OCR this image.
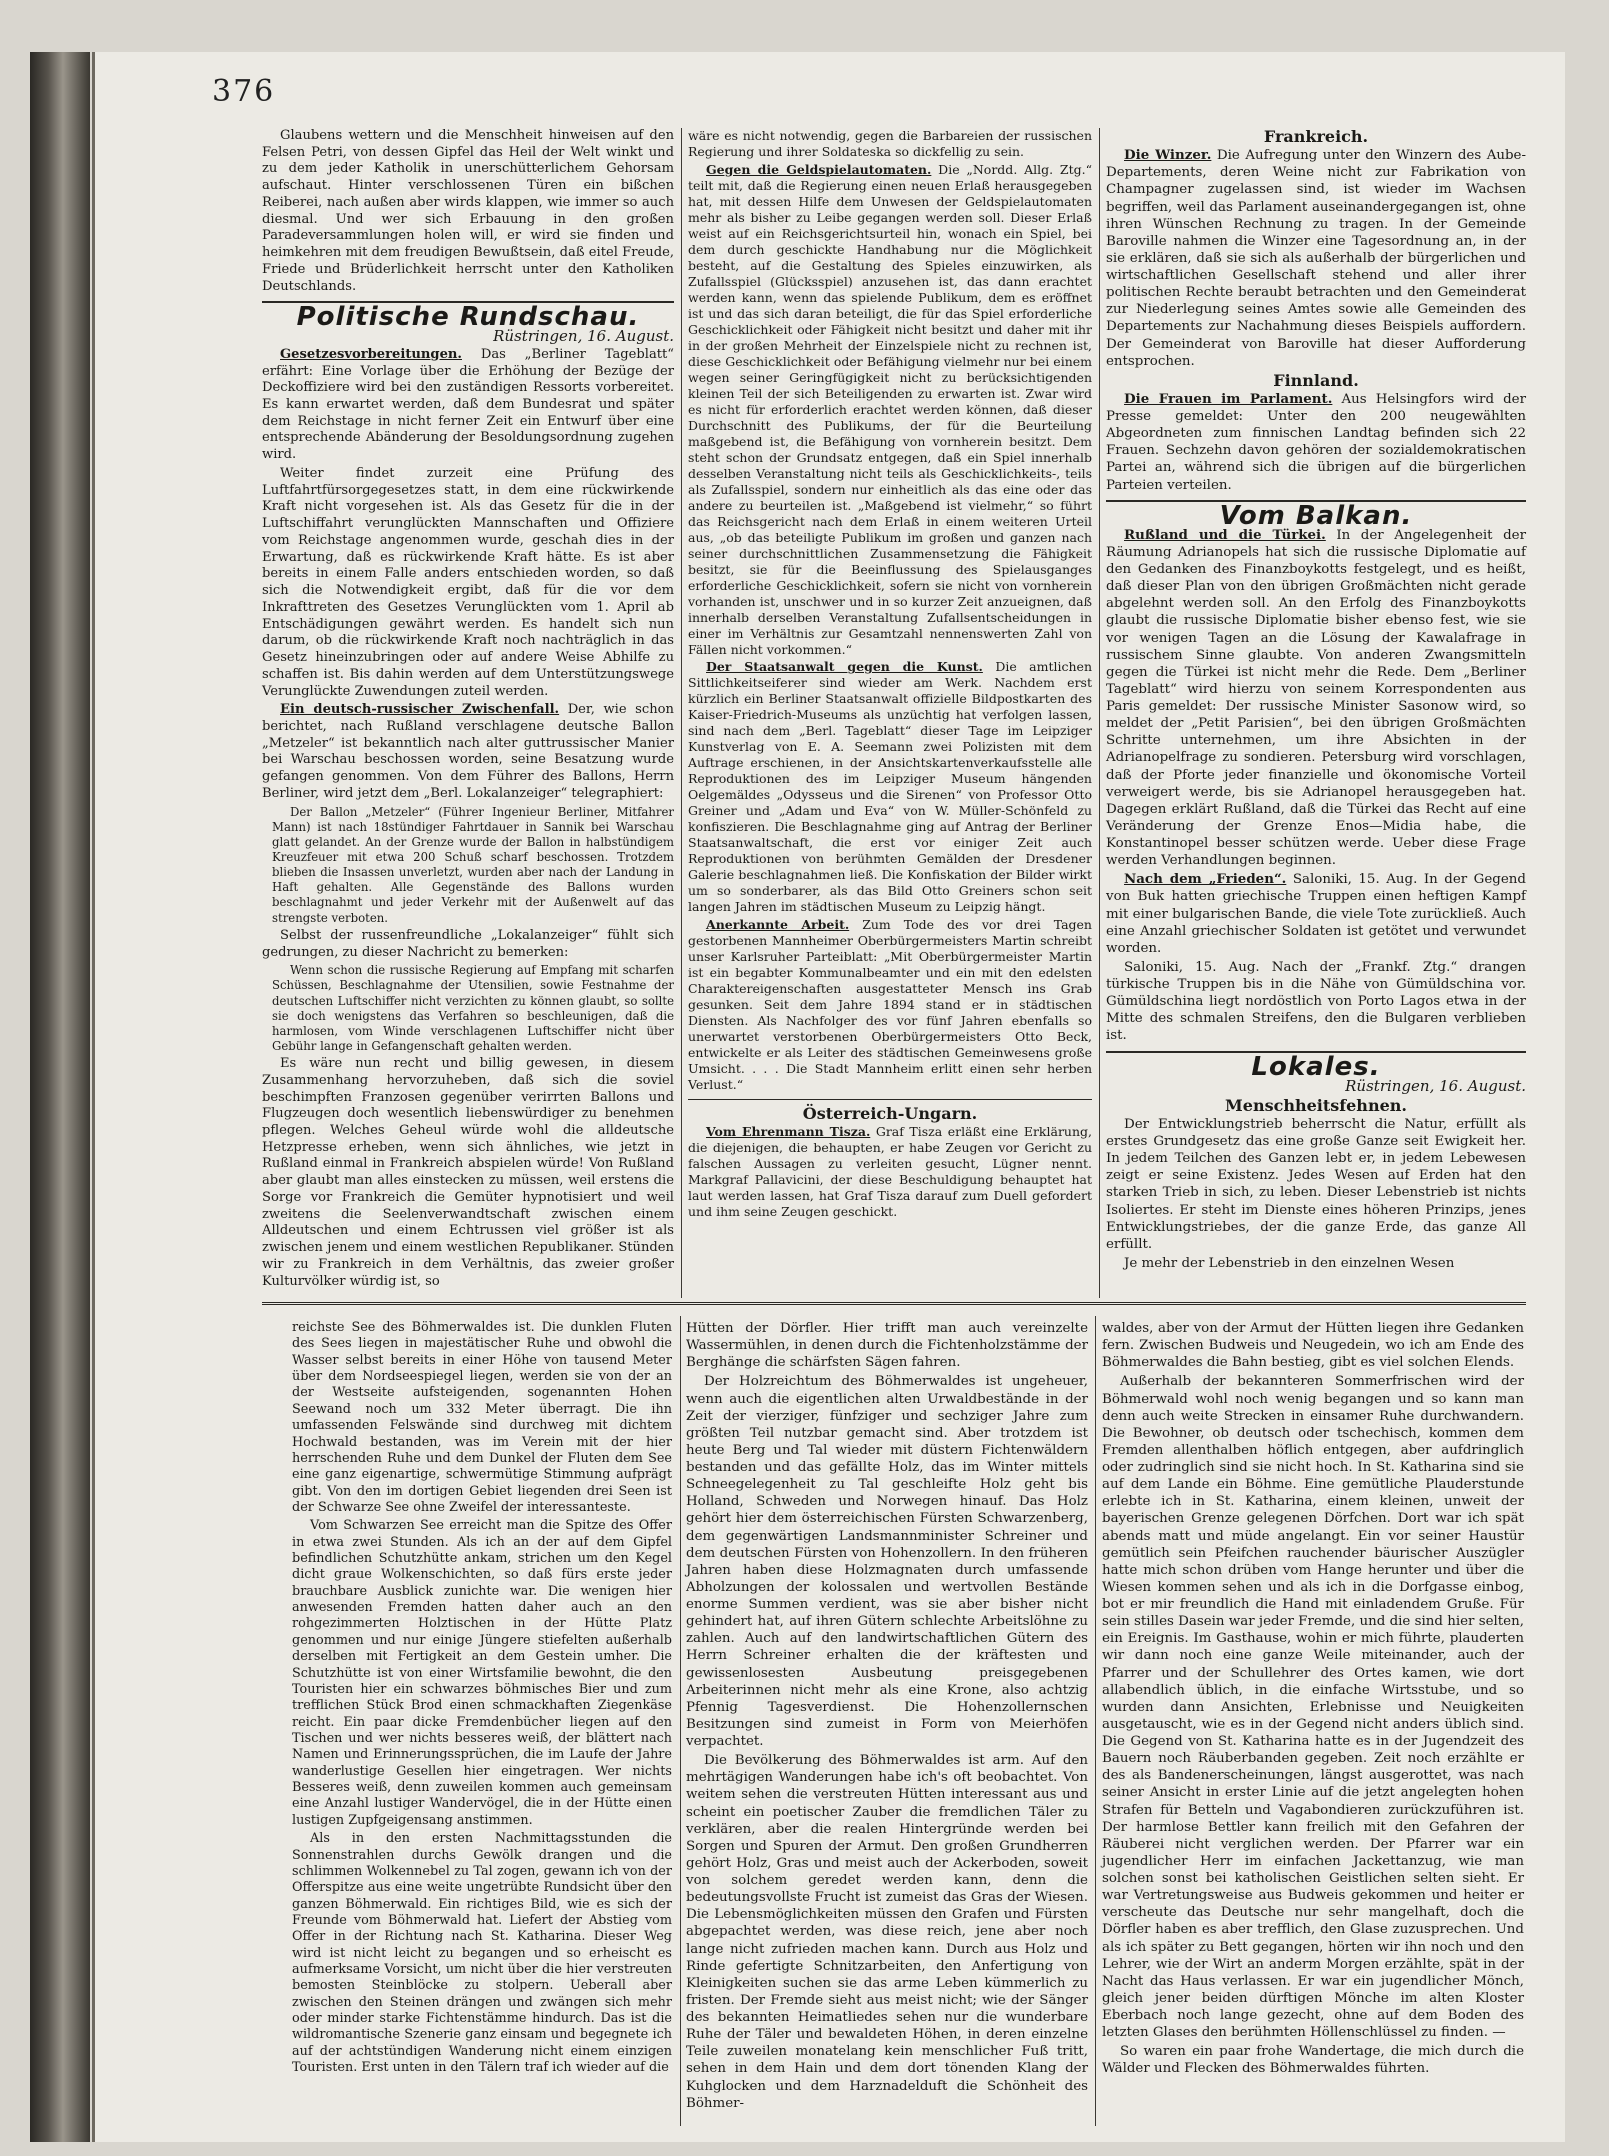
376

Glaubens wettern und die Menschheit hinweisen auf den Felsen Petri, von dessen Gipfel das Heil der Welt winkt und zu dem jeder Katholik in unerschütterlichem Gehorsam aufschaut. Hinter verschlossenen Türen ein bißchen Reiberei, nach außen aber wirds klappen, wie immer so auch diesmal. Und wer sich Erbauung in den großen Paradeversammlungen holen will, er wird sie finden und heimkehren mit dem freudigen Bewußtsein, daß eitel Freude, Friede und Brüderlichkeit herrscht unter den Katholiken Deutschlands.

Politische Rundschau.

Rüstringen, 16. August.

Gesetzesvorbereitungen. Das „Berliner Tageblatt“ erfährt: Eine Vorlage über die Erhöhung der Bezüge der Deckoffiziere wird bei den zuständigen Ressorts vorbereitet. Es kann erwartet werden, daß dem Bundesrat und später dem Reichstage in nicht ferner Zeit ein Entwurf über eine entsprechende Abänderung der Besoldungsordnung zugehen wird.

Weiter findet zurzeit eine Prüfung des Luftfahrtfürsorgegesetzes statt, in dem eine rückwirkende Kraft nicht vorgesehen ist. Als das Gesetz für die in der Luftschiffahrt verunglückten Mannschaften und Offiziere vom Reichstage angenommen wurde, geschah dies in der Erwartung, daß es rückwirkende Kraft hätte. Es ist aber bereits in einem Falle anders entschieden worden, so daß sich die Notwendigkeit ergibt, daß für die vor dem Inkrafttreten des Gesetzes Verunglückten vom 1. April ab Entschädigungen gewährt werden. Es handelt sich nun darum, ob die rückwirkende Kraft noch nachträglich in das Gesetz hineinzubringen oder auf andere Weise Abhilfe zu schaffen ist. Bis dahin werden auf dem Unterstützungswege Verunglückte Zuwendungen zuteil werden.

Ein deutsch-russischer Zwischenfall. Der, wie schon berichtet, nach Rußland verschlagene deutsche Ballon „Metzeler“ ist bekanntlich nach alter guttrussischer Manier bei Warschau beschossen worden, seine Besatzung wurde gefangen genommen. Von dem Führer des Ballons, Herrn Berliner, wird jetzt dem „Berl. Lokalanzeiger“ telegraphiert:

Der Ballon „Metzeler“ (Führer Ingenieur Berliner, Mitfahrer Mann) ist nach 18stündiger Fahrtdauer in Sannik bei Warschau glatt gelandet. An der Grenze wurde der Ballon in halbstündigem Kreuzfeuer mit etwa 200 Schuß scharf beschossen. Trotzdem blieben die Insassen unverletzt, wurden aber nach der Landung in Haft gehalten. Alle Gegenstände des Ballons wurden beschlagnahmt und jeder Verkehr mit der Außenwelt auf das strengste verboten.

Selbst der russenfreundliche „Lokalanzeiger“ fühlt sich gedrungen, zu dieser Nachricht zu bemerken:

Wenn schon die russische Regierung auf Empfang mit scharfen Schüssen, Beschlagnahme der Utensilien, sowie Festnahme der deutschen Luftschiffer nicht verzichten zu können glaubt, so sollte sie doch wenigstens das Verfahren so beschleunigen, daß die harmlosen, vom Winde verschlagenen Luftschiffer nicht über Gebühr lange in Gefangenschaft gehalten werden.

Es wäre nun recht und billig gewesen, in diesem Zusammenhang hervorzuheben, daß sich die soviel beschimpften Franzosen gegenüber verirrten Ballons und Flugzeugen doch wesentlich liebenswürdiger zu benehmen pflegen. Welches Geheul würde wohl die alldeutsche Hetzpresse erheben, wenn sich ähnliches, wie jetzt in Rußland einmal in Frankreich abspielen würde! Von Rußland aber glaubt man alles einstecken zu müssen, weil erstens die Sorge vor Frankreich die Gemüter hypnotisiert und weil zweitens die Seelenverwandtschaft zwischen einem Alldeutschen und einem Echtrussen viel größer ist als zwischen jenem und einem westlichen Republikaner. Stünden wir zu Frankreich in dem Verhältnis, das zweier großer Kulturvölker würdig ist, so

wäre es nicht notwendig, gegen die Barbareien der russischen Regierung und ihrer Soldateska so dickfellig zu sein.

Gegen die Geldspielautomaten. Die „Nordd. Allg. Ztg.“ teilt mit, daß die Regierung einen neuen Erlaß herausgegeben hat, mit dessen Hilfe dem Unwesen der Geldspielautomaten mehr als bisher zu Leibe gegangen werden soll. Dieser Erlaß weist auf ein Reichsgerichtsurteil hin, wonach ein Spiel, bei dem durch geschickte Handhabung nur die Möglichkeit besteht, auf die Gestaltung des Spieles einzuwirken, als Zufallsspiel (Glücksspiel) anzusehen ist, das dann erachtet werden kann, wenn das spielende Publikum, dem es eröffnet ist und das sich daran beteiligt, die für das Spiel erforderliche Geschicklichkeit oder Fähigkeit nicht besitzt und daher mit ihr in der großen Mehrheit der Einzelspiele nicht zu rechnen ist, diese Geschicklichkeit oder Befähigung vielmehr nur bei einem wegen seiner Geringfügigkeit nicht zu berücksichtigenden kleinen Teil der sich Beteiligenden zu erwarten ist. Zwar wird es nicht für erforderlich erachtet werden können, daß dieser Durchschnitt des Publikums, der für die Beurteilung maßgebend ist, die Befähigung von vornherein besitzt. Dem steht schon der Grundsatz entgegen, daß ein Spiel innerhalb desselben Veranstaltung nicht teils als Geschicklichkeits-, teils als Zufallsspiel, sondern nur einheitlich als das eine oder das andere zu beurteilen ist. „Maßgebend ist vielmehr,“ so führt das Reichsgericht nach dem Erlaß in einem weiteren Urteil aus, „ob das beteiligte Publikum im großen und ganzen nach seiner durchschnittlichen Zusammensetzung die Fähigkeit besitzt, sie für die Beeinflussung des Spielausganges erforderliche Geschicklichkeit, sofern sie nicht von vornherein vorhanden ist, unschwer und in so kurzer Zeit anzueignen, daß innerhalb derselben Veranstaltung Zufallsentscheidungen in einer im Verhältnis zur Gesamtzahl nennenswerten Zahl von Fällen nicht vorkommen.“

Der Staatsanwalt gegen die Kunst. Die amtlichen Sittlichkeitseiferer sind wieder am Werk. Nachdem erst kürzlich ein Berliner Staatsanwalt offizielle Bildpostkarten des Kaiser-Friedrich-Museums als unzüchtig hat verfolgen lassen, sind nach dem „Berl. Tageblatt“ dieser Tage im Leipziger Kunstverlag von E. A. Seemann zwei Polizisten mit dem Auftrage erschienen, in der Ansichtskartenverkaufsstelle alle Reproduktionen des im Leipziger Museum hängenden Oelgemäldes „Odysseus und die Sirenen“ von Professor Otto Greiner und „Adam und Eva“ von W. Müller-Schönfeld zu konfiszieren. Die Beschlagnahme ging auf Antrag der Berliner Staatsanwaltschaft, die erst vor einiger Zeit auch Reproduktionen von berühmten Gemälden der Dresdener Galerie beschlagnahmen ließ. Die Konfiskation der Bilder wirkt um so sonderbarer, als das Bild Otto Greiners schon seit langen Jahren im städtischen Museum zu Leipzig hängt.

Anerkannte Arbeit. Zum Tode des vor drei Tagen gestorbenen Mannheimer Oberbürgermeisters Martin schreibt unser Karlsruher Parteiblatt: „Mit Oberbürgermeister Martin ist ein begabter Kommunalbeamter und ein mit den edelsten Charaktereigenschaften ausgestatteter Mensch ins Grab gesunken. Seit dem Jahre 1894 stand er in städtischen Diensten. Als Nachfolger des vor fünf Jahren ebenfalls so unerwartet verstorbenen Oberbürgermeisters Otto Beck, entwickelte er als Leiter des städtischen Gemeinwesens große Umsicht. . . . Die Stadt Mannheim erlitt einen sehr herben Verlust.“

Österreich-Ungarn.

Vom Ehrenmann Tisza. Graf Tisza erläßt eine Erklärung, die diejenigen, die behaupten, er habe Zeugen vor Gericht zu falschen Aussagen zu verleiten gesucht, Lügner nennt. Markgraf Pallavicini, der diese Beschuldigung behauptet hat laut werden lassen, hat Graf Tisza darauf zum Duell gefordert und ihm seine Zeugen geschickt.

Frankreich.

Die Winzer. Die Aufregung unter den Winzern des Aube-Departements, deren Weine nicht zur Fabrikation von Champagner zugelassen sind, ist wieder im Wachsen begriffen, weil das Parlament auseinandergegangen ist, ohne ihren Wünschen Rechnung zu tragen. In der Gemeinde Baroville nahmen die Winzer eine Tagesordnung an, in der sie erklären, daß sie sich als außerhalb der bürgerlichen und wirtschaftlichen Gesellschaft stehend und aller ihrer politischen Rechte beraubt betrachten und den Gemeinderat zur Niederlegung seines Amtes sowie alle Gemeinden des Departements zur Nachahmung dieses Beispiels auffordern. Der Gemeinderat von Baroville hat dieser Aufforderung entsprochen.

Finnland.

Die Frauen im Parlament. Aus Helsingfors wird der Presse gemeldet: Unter den 200 neugewählten Abgeordneten zum finnischen Landtag befinden sich 22 Frauen. Sechzehn davon gehören der sozialdemokratischen Partei an, während sich die übrigen auf die bürgerlichen Parteien verteilen.

Vom Balkan.

Rußland und die Türkei. In der Angelegenheit der Räumung Adrianopels hat sich die russische Diplomatie auf den Gedanken des Finanzboykotts festgelegt, und es heißt, daß dieser Plan von den übrigen Großmächten nicht gerade abgelehnt werden soll. An den Erfolg des Finanzboykotts glaubt die russische Diplomatie bisher ebenso fest, wie sie vor wenigen Tagen an die Lösung der Kawalafrage in russischem Sinne glaubte. Von anderen Zwangsmitteln gegen die Türkei ist nicht mehr die Rede. Dem „Berliner Tageblatt“ wird hierzu von seinem Korrespondenten aus Paris gemeldet: Der russische Minister Sasonow wird, so meldet der „Petit Parisien“, bei den übrigen Großmächten Schritte unternehmen, um ihre Absichten in der Adrianopelfrage zu sondieren. Petersburg wird vorschlagen, daß der Pforte jeder finanzielle und ökonomische Vorteil verweigert werde, bis sie Adrianopel herausgegeben hat. Dagegen erklärt Rußland, daß die Türkei das Recht auf eine Veränderung der Grenze Enos—Midia habe, die Konstantinopel besser schützen werde. Ueber diese Frage werden Verhandlungen beginnen.

Nach dem „Frieden“. Saloniki, 15. Aug. In der Gegend von Buk hatten griechische Truppen einen heftigen Kampf mit einer bulgarischen Bande, die viele Tote zurückließ. Auch eine Anzahl griechischer Soldaten ist getötet und verwundet worden.

Saloniki, 15. Aug. Nach der „Frankf. Ztg.“ drangen türkische Truppen bis in die Nähe von Gümüldschina vor. Gümüldschina liegt nordöstlich von Porto Lagos etwa in der Mitte des schmalen Streifens, den die Bulgaren verblieben ist.

Lokales.

Rüstringen, 16. August.

Menschheitsfehnen.

Der Entwicklungstrieb beherrscht die Natur, erfüllt als erstes Grundgesetz das eine große Ganze seit Ewigkeit her. In jedem Teilchen des Ganzen lebt er, in jedem Lebewesen zeigt er seine Existenz. Jedes Wesen auf Erden hat den starken Trieb in sich, zu leben. Dieser Lebenstrieb ist nichts Isoliertes. Er steht im Dienste eines höheren Prinzips, jenes Entwicklungstriebes, der die ganze Erde, das ganze All erfüllt.

Je mehr der Lebenstrieb in den einzelnen Wesen

reichste See des Böhmerwaldes ist. Die dunklen Fluten des Sees liegen in majestätischer Ruhe und obwohl die Wasser selbst bereits in einer Höhe von tausend Meter über dem Nordseespiegel liegen, werden sie von der an der Westseite aufsteigenden, sogenannten Hohen Seewand noch um 332 Meter überragt. Die ihn umfassenden Felswände sind durchweg mit dichtem Hochwald bestanden, was im Verein mit der hier herrschenden Ruhe und dem Dunkel der Fluten dem See eine ganz eigenartige, schwermütige Stimmung aufprägt gibt. Von den im dortigen Gebiet liegenden drei Seen ist der Schwarze See ohne Zweifel der interessanteste.

Vom Schwarzen See erreicht man die Spitze des Offer in etwa zwei Stunden. Als ich an der auf dem Gipfel befindlichen Schutzhütte ankam, strichen um den Kegel dicht graue Wolkenschichten, so daß fürs erste jeder brauchbare Ausblick zunichte war. Die wenigen hier anwesenden Fremden hatten daher auch an den rohgezimmerten Holztischen in der Hütte Platz genommen und nur einige Jüngere stiefelten außerhalb derselben mit Fertigkeit an dem Gestein umher. Die Schutzhütte ist von einer Wirtsfamilie bewohnt, die den Touristen hier ein schwarzes böhmisches Bier und zum trefflichen Stück Brod einen schmackhaften Ziegenkäse reicht. Ein paar dicke Fremdenbücher liegen auf den Tischen und wer nichts besseres weiß, der blättert nach Namen und Erinnerungssprüchen, die im Laufe der Jahre wanderlustige Gesellen hier eingetragen. Wer nichts Besseres weiß, denn zuweilen kommen auch gemeinsam eine Anzahl lustiger Wandervögel, die in der Hütte einen lustigen Zupfgeigensang anstimmen.

Als in den ersten Nachmittagsstunden die Sonnenstrahlen durchs Gewölk drangen und die schlimmen Wolkennebel zu Tal zogen, gewann ich von der Offerspitze aus eine weite ungetrübte Rundsicht über den ganzen Böhmerwald. Ein richtiges Bild, wie es sich der Freunde vom Böhmerwald hat. Liefert der Abstieg vom Offer in der Richtung nach St. Katharina. Dieser Weg wird ist nicht leicht zu begangen und so erheischt es aufmerksame Vorsicht, um nicht über die hier verstreuten bemosten Steinblöcke zu stolpern. Ueberall aber zwischen den Steinen drängen und zwängen sich mehr oder minder starke Fichtenstämme hindurch. Das ist die wildromantische Szenerie ganz einsam und begegnete ich auf der achtstündigen Wanderung nicht einem einzigen Touristen. Erst unten in den Tälern traf ich wieder auf die

Hütten der Dörfler. Hier trifft man auch vereinzelte Wassermühlen, in denen durch die Fichtenholzstämme der Berghänge die schärfsten Sägen fahren.

Der Holzreichtum des Böhmerwaldes ist ungeheuer, wenn auch die eigentlichen alten Urwaldbestände in der Zeit der vierziger, fünfziger und sechziger Jahre zum größten Teil nutzbar gemacht sind. Aber trotzdem ist heute Berg und Tal wieder mit düstern Fichtenwäldern bestanden und das gefällte Holz, das im Winter mittels Schneegelegenheit zu Tal geschleifte Holz geht bis Holland, Schweden und Norwegen hinauf. Das Holz gehört hier dem österreichischen Fürsten Schwarzenberg, dem gegenwärtigen Landsmannminister Schreiner und dem deutschen Fürsten von Hohenzollern. In den früheren Jahren haben diese Holzmagnaten durch umfassende Abholzungen der kolossalen und wertvollen Bestände enorme Summen verdient, was sie aber bisher nicht gehindert hat, auf ihren Gütern schlechte Arbeitslöhne zu zahlen. Auch auf den landwirtschaftlichen Gütern des Herrn Schreiner erhalten die der kräftesten und gewissenlosesten Ausbeutung preisgegebenen Arbeiterinnen nicht mehr als eine Krone, also achtzig Pfennig Tagesverdienst. Die Hohenzollernschen Besitzungen sind zumeist in Form von Meierhöfen verpachtet.

Die Bevölkerung des Böhmerwaldes ist arm. Auf den mehrtägigen Wanderungen habe ich's oft beobachtet. Von weitem sehen die verstreuten Hütten interessant aus und scheint ein poetischer Zauber die fremdlichen Täler zu verklären, aber die realen Hintergründe werden bei Sorgen und Spuren der Armut. Den großen Grundherren gehört Holz, Gras und meist auch der Ackerboden, soweit von solchem geredet werden kann, denn die bedeutungsvollste Frucht ist zumeist das Gras der Wiesen. Die Lebensmöglichkeiten müssen den Grafen und Fürsten abgepachtet werden, was diese reich, jene aber noch lange nicht zufrieden machen kann. Durch aus Holz und Rinde gefertigte Schnitzarbeiten, den Anfertigung von Kleinigkeiten suchen sie das arme Leben kümmerlich zu fristen. Der Fremde sieht aus meist nicht; wie der Sänger des bekannten Heimatliedes sehen nur die wunderbare Ruhe der Täler und bewaldeten Höhen, in deren einzelne Teile zuweilen monatelang kein menschlicher Fuß tritt, sehen in dem Hain und dem dort tönenden Klang der Kuhglocken und dem Harznadelduft die Schönheit des Böhmer-

waldes, aber von der Armut der Hütten liegen ihre Gedanken fern. Zwischen Budweis und Neugedein, wo ich am Ende des Böhmerwaldes die Bahn bestieg, gibt es viel solchen Elends.

Außerhalb der bekannteren Sommerfrischen wird der Böhmerwald wohl noch wenig begangen und so kann man denn auch weite Strecken in einsamer Ruhe durchwandern. Die Bewohner, ob deutsch oder tschechisch, kommen dem Fremden allenthalben höflich entgegen, aber aufdringlich oder zudringlich sind sie nicht hoch. In St. Katharina sind sie auf dem Lande ein Böhme. Eine gemütliche Plauderstunde erlebte ich in St. Katharina, einem kleinen, unweit der bayerischen Grenze gelegenen Dörfchen. Dort war ich spät abends matt und müde angelangt. Ein vor seiner Haustür gemütlich sein Pfeifchen rauchender bäurischer Auszügler hatte mich schon drüben vom Hange herunter und über die Wiesen kommen sehen und als ich in die Dorfgasse einbog, bot er mir freundlich die Hand mit einladendem Gruße. Für sein stilles Dasein war jeder Fremde, und die sind hier selten, ein Ereignis. Im Gasthause, wohin er mich führte, plauderten wir dann noch eine ganze Weile miteinander, auch der Pfarrer und der Schullehrer des Ortes kamen, wie dort allabendlich üblich, in die einfache Wirtsstube, und so wurden dann Ansichten, Erlebnisse und Neuigkeiten ausgetauscht, wie es in der Gegend nicht anders üblich sind. Die Gegend von St. Katharina hatte es in der Jugendzeit des Bauern noch Räuberbanden gegeben. Zeit noch erzählte er des als Bandenerscheinungen, längst ausgerottet, was nach seiner Ansicht in erster Linie auf die jetzt angelegten hohen Strafen für Betteln und Vagabondieren zurückzuführen ist. Der harmlose Bettler kann freilich mit den Gefahren der Räuberei nicht verglichen werden. Der Pfarrer war ein jugendlicher Herr im einfachen Jackettanzug, wie man solchen sonst bei katholischen Geistlichen selten sieht. Er war Vertretungsweise aus Budweis gekommen und heiter er verscheute das Deutsche nur sehr mangelhaft, doch die Dörfler haben es aber trefflich, den Glase zuzusprechen. Und als ich später zu Bett gegangen, hörten wir ihn noch und den Lehrer, wie der Wirt an anderm Morgen erzählte, spät in der Nacht das Haus verlassen. Er war ein jugendlicher Mönch, gleich jener beiden dürftigen Mönche im alten Kloster Eberbach noch lange gezecht, ohne auf dem Boden des letzten Glases den berühmten Höllenschlüssel zu finden. —

So waren ein paar frohe Wandertage, die mich durch die Wälder und Flecken des Böhmerwaldes führten.
